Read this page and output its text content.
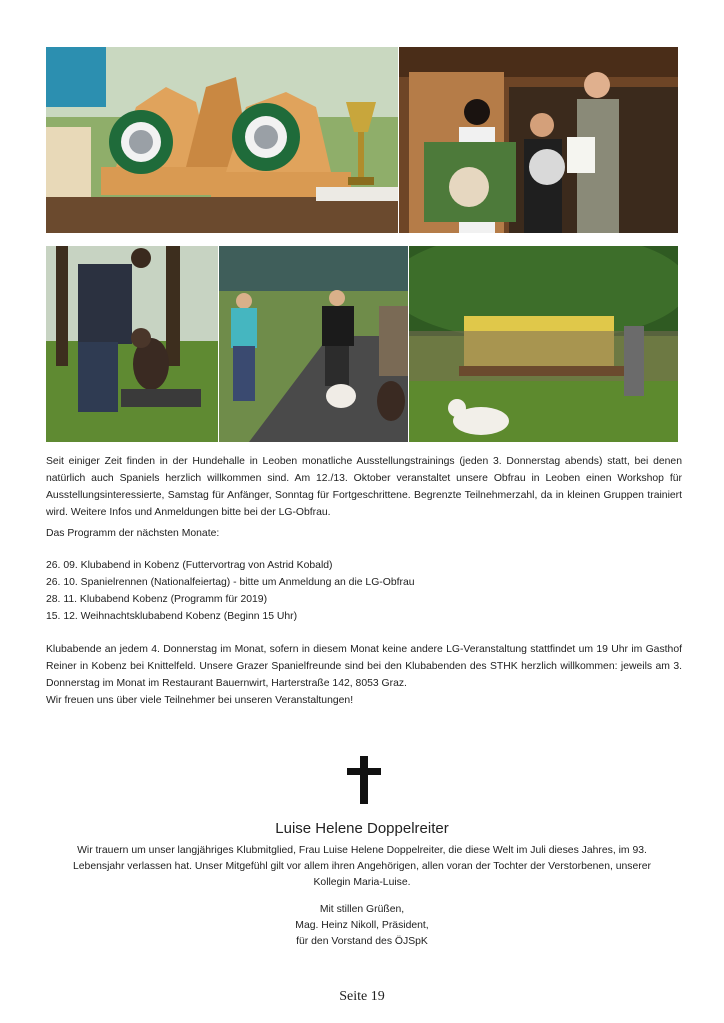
Seit einiger Zeit finden in der Hundehalle in Leoben monatliche Ausstellungstrainings (jeden 3. Donnerstag abends) statt, bei denen natürlich auch Spaniels herzlich willkommen sind. Am 12./13. Oktober veranstaltet unsere Obfrau in Leoben einen Workshop für Ausstellungsinteressierte, Samstag für Anfänger, Sonntag für Fortgeschrittene. Begrenzte Teilnehmerzahl, da in kleinen Gruppen trainiert wird. Weitere Infos und Anmeldungen bitte bei der LG-Obfrau.

Das Programm der nächsten Monate:
26. 09. Klubabend in Kobenz (Futtervortrag von Astrid Kobald)
26. 10. Spanielrennen (Nationalfeiertag) - bitte um Anmeldung an die LG-Obfrau
28. 11. Klubabend Kobenz (Programm für 2019)
15. 12. Weihnachtsklubabend Kobenz (Beginn 15 Uhr)

Klubabende an jedem 4. Donnerstag im Monat, sofern in diesem Monat keine andere LG-Veranstaltung stattfindet um 19 Uhr im Gasthof Reiner in Kobenz bei Knittelfeld. Unsere Grazer Spanielfreunde sind bei den Klubabenden des STHK herzlich willkommen: jeweils am 3. Donnerstag im Monat im Restaurant Bauernwirt, Harterstraße 142, 8053 Graz.

Wir freuen uns über viele Teilnehmer bei unseren Veranstaltungen!

Luise Helene Doppelreiter

Wir trauern um unser langjähriges Klubmitglied, Frau Luise Helene Doppelreiter, die diese Welt im Juli dieses Jahres, im 93. Lebensjahr verlassen hat. Unser Mitgefühl gilt vor allem ihren Angehörigen, allen voran der Tochter der Verstorbenen, unserer Kollegin Maria-Luise.

Mit stillen Grüßen,
Mag. Heinz Nikoll, Präsident,
für den Vorstand des ÖJSpK
Seite 19
